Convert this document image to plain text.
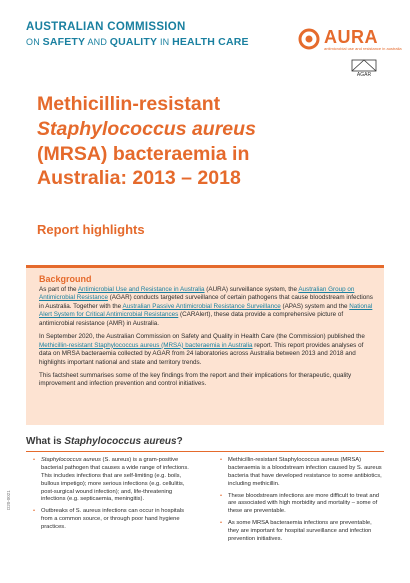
AUSTRALIAN COMMISSION
ON SAFETY AND QUALITY IN HEALTH CARE	AURA
antimicrobial use and resistance in australia
AGAR
Methicillin-resistant
Staphylococcus aureus
(MRSA) bacteraemia in
Australia: 2013 – 2018
Report highlights
Background

As part of the Antimicrobial Use and Resistance in Australia (AURA) surveillance system, the Australian Group on Antimicrobial Resistance (AGAR) conducts targeted surveillance of certain pathogens that cause bloodstream infections in Australia. Together with the Australian Passive Antimicrobial Resistance Surveillance (APAS) system and the National Alert System for Critical Antimicrobial Resistances (CARAlert), these data provide a comprehensive picture of antimicrobial resistance (AMR) in Australia.

In September 2020, the Australian Commission on Safety and Quality in Health Care (the Commission) published the Methicillin-resistant Staphylococcus aureus (MRSA) bacteraemia in Australia report. This report provides analyses of data on MRSA bacteraemia collected by AGAR from 24 laboratories across Australia between 2013 and 2018 and highlights important national and state and territory trends.

This factsheet summarises some of the key findings from the report and their implications for therapeutic, quality improvement and infection prevention and control initiatives.

What is Staphylococcus aureus?
• Staphylococcus aureus (S. aureus) is a gram-positive bacterial pathogen that causes a wide range of infections. This includes infections that are self-limiting (e.g. boils, bullous impetigo); more serious infections (e.g. cellulitis, post-surgical wound infection); and, life-threatening infections (e.g. septicaemia, meningitis).
• Outbreaks of S. aureus infections can occur in hospitals from a common source, or through poor hand hygiene practices.
• Methicillin-resistant Staphylococcus aureus (MRSA) bacteraemia is a bloodstream infection caused by S. aureus bacteria that have developed resistance to some antibiotics, including methicillin.
• These bloodstream infections are more difficult to treat and are associated with high morbidity and mortality – some of these are preventable.
• As some MRSA bacteraemia infections are preventable, they are important for hospital surveillance and infection prevention initiatives.
D20-0021
